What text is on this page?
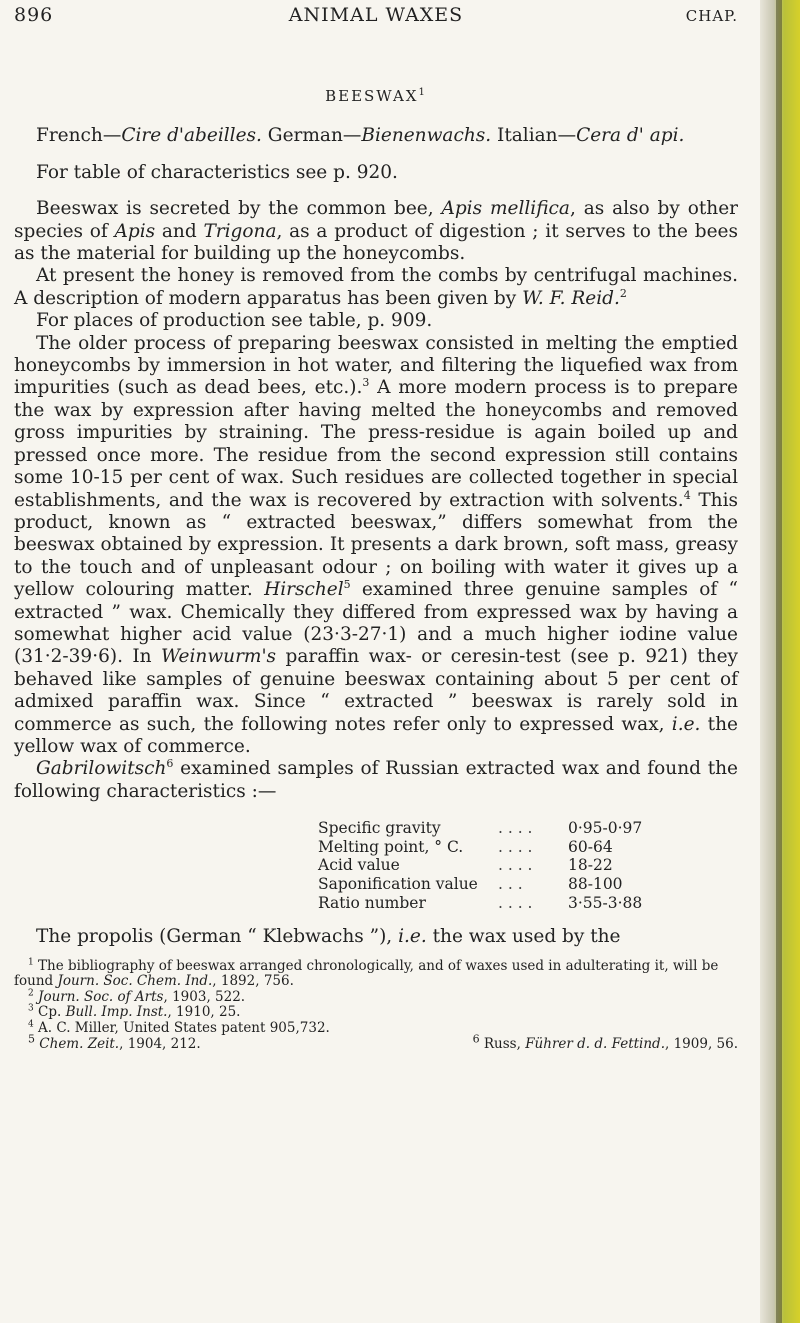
896	ANIMAL WAXES	CHAP.
BEESWAX$^1$

French—Cire d'abeilles. German—Bienenwachs. Italian—Cera d' api.

For table of characteristics see p. 920.

Beeswax is secreted by the common bee, Apis mellifica, as also by other species of Apis and Trigona, as a product of digestion ; it serves to the bees as the material for building up the honeycombs.

At present the honey is removed from the combs by centrifugal machines. A description of modern apparatus has been given by W. F. Reid.$^2$

For places of production see table, p. 909.

The older process of preparing beeswax consisted in melting the emptied honeycombs by immersion in hot water, and filtering the liquefied wax from impurities (such as dead bees, etc.).$^3$ A more modern process is to prepare the wax by expression after having melted the honeycombs and removed gross impurities by straining. The press-residue is again boiled up and pressed once more. The residue from the second expression still contains some 10-15 per cent of wax. Such residues are collected together in special establishments, and the wax is recovered by extraction with solvents.$^4$ This product, known as “ extracted beeswax,” differs somewhat from the beeswax obtained by expression. It presents a dark brown, soft mass, greasy to the touch and of unpleasant odour ; on boiling with water it gives up a yellow colouring matter. Hirschel$^5$ examined three genuine samples of “ extracted ” wax. Chemically they differed from expressed wax by having a somewhat higher acid value (23·3-27·1) and a much higher iodine value (31·2-39·6). In Weinwurm's paraffin wax- or ceresin-test (see p. 921) they behaved like samples of genuine beeswax containing about 5 per cent of admixed paraffin wax. Since “ extracted ” beeswax is rarely sold in commerce as such, the following notes refer only to expressed wax, i.e. the yellow wax of commerce.

Gabrilowitsch$^6$ examined samples of Russian extracted wax and found the following characteristics :—

Specific gravity	. . . .	0·95-0·97
Melting point, ° C.	. . . .	60-64
Acid value	. . . .	18-22
Saponification value	. . .	88-100
Ratio number	. . . .	3·55-3·88

The propolis (German “ Klebwachs ”), i.e. the wax used by the

$^1$ The bibliography of beeswax arranged chronologically, and of waxes used in adulterating it, will be found Journ. Soc. Chem. Ind., 1892, 756.
$^2$ Journ. Soc. of Arts, 1903, 522.
$^3$ Cp. Bull. Imp. Inst., 1910, 25.
$^4$ A. C. Miller, United States patent 905,732.
$^5$ Chem. Zeit., 1904, 212.	$^6$ Russ, Führer d. d. Fettind., 1909, 56.
